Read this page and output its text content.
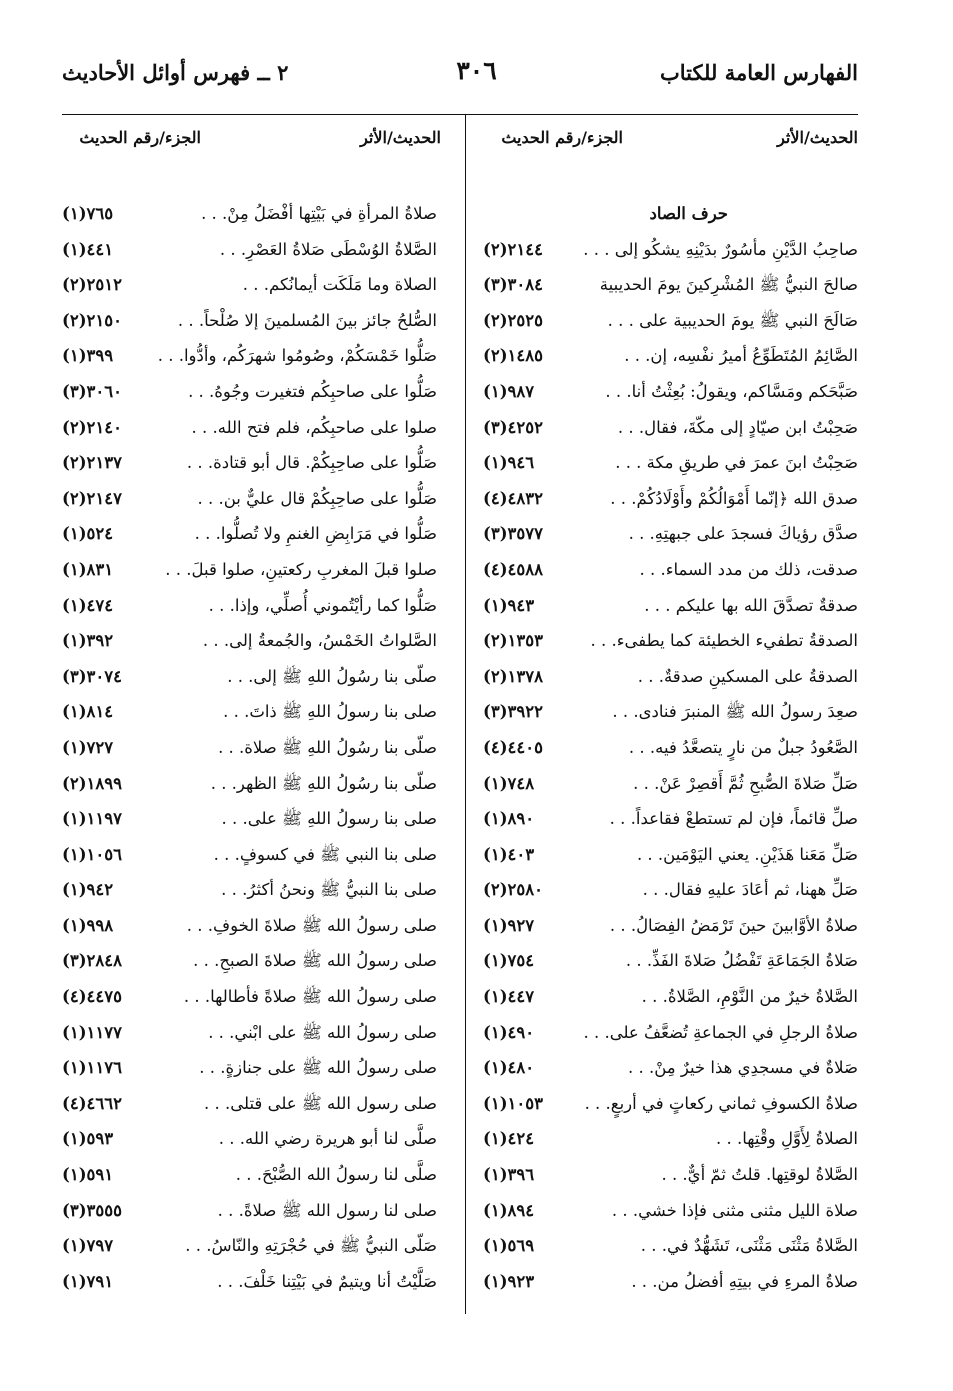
الفهارس العامة للكتاب
٣٠٦
٢ ــ فهرس أوائل الأحاديث
الحديث/الأثر
الجزء/رقم الحديث
الحديث/الأثر
الجزء/رقم الحديث
حرف الصاد
صاحِبُ الدَّيْنِ مأسُورٌ بدَيْنِهِ يشكُو إلى . . .
(٢)٢١٤٤
صالحَ النبيُّ ﷺ المُشْرِكينَ يومَ الحديبية
(٣)٣٠٨٤
صَالَحَ النبي ﷺ يومَ الحديبية على . . .
(٢)٢٥٢٥
الصَّائِمُ المُتَطَوِّعُ أميرُ نفْسِه، إن. . .
(٢)١٤٨٥
صَبَّحَكم ومَسَّاكم، ويقولُ: بُعِثْتُ أنا. . .
(١)٩٨٧
صَحِبْتُ ابن صيّادٍ إلى مكّةَ، فقال. . .
(٣)٤٢٥٢
صَحِبْتُ ابنَ عمرَ في طريقِ مكة . . .
(١)٩٤٦
صدق الله ﴿إنّما أَمْوَالُكُمْ وأَوْلَادُكُمْ. . .
(٤)٤٨٣٢
صدَّق رؤياكَ فسجدَ على جبهتِهِ. . .
(٣)٣٥٧٧
صدقت، ذلك من مدد السماء. . .
(٤)٤٥٨٨
صدقةٌ تصدَّقَ الله بها عليكم . . .
(١)٩٤٣
الصدقةُ تطفيء الخطيئة كما يطفىء. . .
(٢)١٣٥٣
الصدقةُ على المسكينِ صدقةٌ. . .
(٢)١٣٧٨
صعِدَ رسولُ الله ﷺ المنبرَ فنادى. . .
(٣)٣٩٢٢
الصَّعُودُ جبلٌ من نارٍ يتصعَّدُ فيه. . .
(٤)٤٤٠٥
صَلِّ صَلاةَ الصُّبحِ ثُمَّ أَقصِرْ عَنْ. . .
(١)٧٤٨
صلِّ قائماً، فإن لم تستطعْ فقاعداً. . .
(١)٨٩٠
صَلِّ مَعَنا هَذَيْنِ. يعني اليَوْمَين. . .
(١)٤٠٣
صَلِّ ههنا، ثم أعَادَ عليهِ فقال. . .
(٢)٢٥٨٠
صلاةُ الأوَّابينَ حينَ تَرْمَضُ الفِصَالُ. . .
(١)٩٢٧
صَلاةُ الجَمَاعَةِ تَفْضُلُ صَلاةَ الفَذِّ. . .
(١)٧٥٤
الصَّلاةُ خيرٌ من النَّوْمِ، الصَّلاةُ. . .
(١)٤٤٧
صلاةُ الرجلِ في الجماعةِ تُضعَّفُ على. . .
(١)٤٩٠
صَلاةٌ في مسجدِي هذا خيرٌ مِنْ. . .
(١)٤٨٠
صلاةُ الكسوفِ ثماني ركعاتٍ في أربعٍ. . .
(١)١٠٥٣
الصلاةُ لِأَوَّلِ وقْتِها. . .
(١)٤٢٤
الصَّلاةُ لوقتِها. قلتُ ثمّ أيٌّ. . .
(١)٣٩٦
صلاة الليل مثنى مثنى فإذا خشي. . .
(١)٨٩٤
الصَّلاةُ مَثْنَى مَثْنَى، تَشَهُّدٌ في. . .
(١)٥٦٩
صلاةُ المرءِ في بيتِهِ أفضلُ من. . .
(١)٩٢٣
صلاةُ المرأةِ في بَيْتِها أفْضَلُ مِنْ. . .
(١)٧٦٥
الصَّلاةُ الوُسْطَى صَلاةُ العَصْرِ. . .
(١)٤٤١
الصلاة وما مَلَكَت أيمانُكم. . .
(٢)٢٥١٢
الصُّلحُ جائز بينَ المُسلمينَ إلا صُلْحاً. . .
(٢)٢١٥٠
صَلُّوا خَمْسَكُمْ، وصُومُوا شهرَكُم، وأدُّوا. . .
(١)٣٩٩
صَلُّوا على صاحبِكُم فتغيرت وجُوهُ. . .
(٣)٣٠٦٠
صلوا على صاحبِكُم، فلم فتح الله. . .
(٢)٢١٤٠
صَلُّوا على صاحِبِكُمْ. قال أبو قتادة. . .
(٢)٢١٣٧
صَلُّوا على صاحِبِكُمْ قال عليٌّ بن. . .
(٢)٢١٤٧
صَلُّوا في مَرَابِضِ الغنمِ ولا تُصلُّوا. . .
(١)٥٢٤
صلوا قبلَ المغربِ ركعتينِ، صلوا قبلَ. . .
(١)٨٣١
صَلُّوا كما رأيْتُموني أُصلِّي، وإذا. . .
(١)٤٧٤
الصَّلواتُ الخَمْسُ، والجُمعةُ إلى. . .
(١)٣٩٢
صلّى بنا رسُولُ اللهِ ﷺ إلى. . .
(٣)٣٠٧٤
صلى بنا رسولُ اللهِ ﷺ ذاتَ. . .
(١)٨١٤
صلّى بنا رسُولُ اللهِ ﷺ صلاة. . .
(١)٧٢٧
صلّى بنا رسُولُ اللهِ ﷺ الظهر. . .
(٢)١٨٩٩
صلى بنا رسولُ اللهِ ﷺ على. . .
(١)١١٩٧
صلى بنا النبي ﷺ في كسوفٍ. . .
(١)١٠٥٦
صلى بنا النبيُّ ﷺ ونحنُ أكثرُ. . .
(١)٩٤٢
صلى رسولُ الله ﷺ صلاةَ الخوفِ. . .
(١)٩٩٨
صلى رسولُ الله ﷺ صلاةَ الصبحِ. . .
(٣)٢٨٤٨
صلى رسولُ الله ﷺ صلاةً فأطالها. . .
(٤)٤٤٧٥
صلى رسولُ الله ﷺ على ابْني. . .
(١)١١٧٧
صلى رسولُ الله ﷺ على جنازةٍ. . .
(١)١١٧٦
صلى رسول الله ﷺ على قتلى. . .
(٤)٤٦٦٢
صلَّى لنا أبو هريرة رضي الله. . .
(١)٥٩٣
صلَّى لنا رسولُ الله الصُّبْحَ. . .
(١)٥٩١
صلى لنا رسول الله ﷺ صلاةً. . .
(٣)٣٥٥٥
صَلّى النبيُّ ﷺ في حُجْرَتِهِ والنّاسُ. . .
(١)٧٩٧
صَلَّيْتُ أنا ويتيمٌ في بَيْتِنا خَلْفَ. . .
(١)٧٩١
